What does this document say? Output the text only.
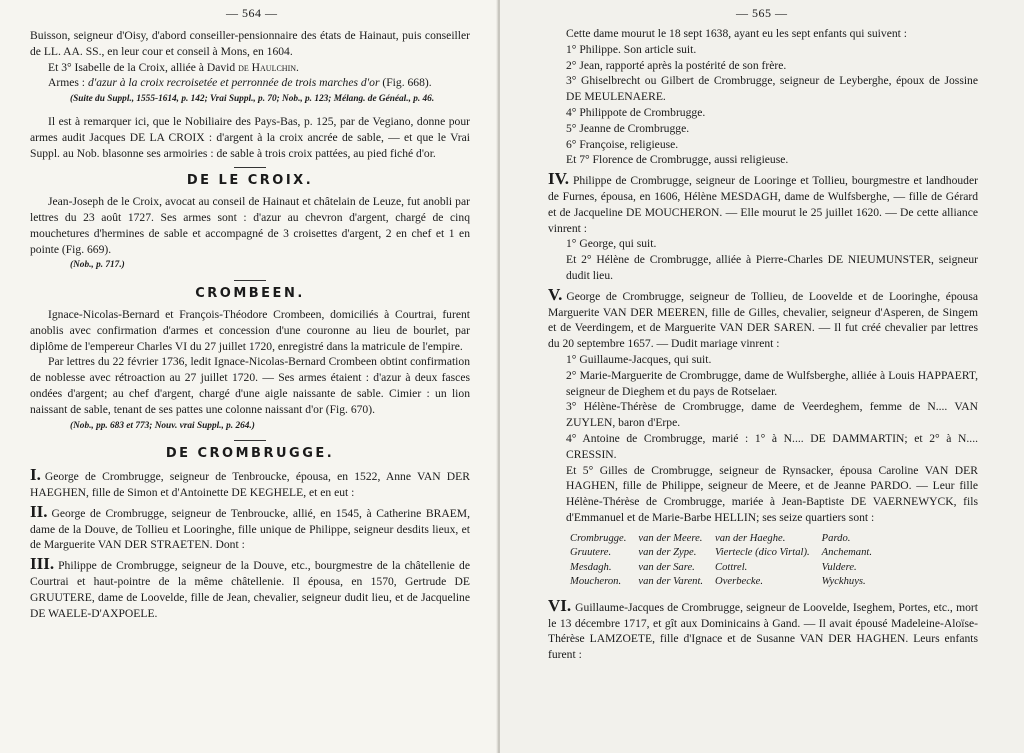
— 564 —

Buisson, seigneur d'Oisy, d'abord conseiller-pensionnaire des états de Hainaut, puis conseiller de LL. AA. SS., en leur cour et conseil à Mons, en 1604.

Et 3° Isabelle de la Croix, alliée à David de Haulchin.

Armes : d'azur à la croix recroisetée et perronnée de trois marches d'or (Fig. 668).

(Suite du Suppl., 1555-1614, p. 142; Vrai Suppl., p. 70; Nob., p. 123; Mélang. de Généal., p. 46.

Il est à remarquer ici, que le Nobiliaire des Pays-Bas, p. 125, par de Vegiano, donne pour armes audit Jacques DE LA CROIX : d'argent à la croix ancrée de sable, — et que le Vrai Suppl. au Nob. blasonne ses armoiries : de sable à trois croix pattées, au pied fiché d'or.

DE LE CROIX.

Jean-Joseph de le Croix, avocat au conseil de Hainaut et châtelain de Leuze, fut anobli par lettres du 23 août 1727. Ses armes sont : d'azur au chevron d'argent, chargé de cinq mouchetures d'hermines de sable et accompagné de 3 croisettes d'argent, 2 en chef et 1 en pointe (Fig. 669).

(Nob., p. 717.)

CROMBEEN.

Ignace-Nicolas-Bernard et François-Théodore Crombeen, domiciliés à Courtrai, furent anoblis avec confirmation d'armes et concession d'une couronne au lieu de bourlet, par diplôme de l'empereur Charles VI du 27 juillet 1720, enregistré dans la matricule de l'empire.

Par lettres du 22 février 1736, ledit Ignace-Nicolas-Bernard Crombeen obtint confirmation de noblesse avec rétroaction au 27 juillet 1720. — Ses armes étaient : d'azur à deux fasces ondées d'argent; au chef d'argent, chargé d'une aigle naissante de sable. Cimier : un lion naissant de sable, tenant de ses pattes une colonne naissant d'or (Fig. 670).

(Nob., pp. 683 et 773; Nouv. vrai Suppl., p. 264.)

DE CROMBRUGGE.

I. George de Crombrugge, seigneur de Tenbroucke, épousa, en 1522, Anne VAN DER HAEGHEN, fille de Simon et d'Antoinette DE KEGHELE, et en eut :

II. George de Crombrugge, seigneur de Tenbroucke, allié, en 1545, à Catherine BRAEM, dame de la Douve, de Tollieu et Looringhe, fille unique de Philippe, seigneur desdits lieux, et de Marguerite VAN DER STRAETEN. Dont :

III. Philippe de Crombrugge, seigneur de la Douve, etc., bourgmestre de la châtellenie de Courtrai et haut-pointre de la même châtellenie. Il épousa, en 1570, Gertrude DE GRUUTERE, dame de Loovelde, fille de Jean, chevalier, seigneur dudit lieu, et de Jacqueline DE WAELE-D'AXPOELE.

— 565 —

Cette dame mourut le 18 sept 1638, ayant eu les sept enfants qui suivent :

1° Philippe. Son article suit.

2° Jean, rapporté après la postérité de son frère.

3° Ghiselbrecht ou Gilbert de Crombrugge, seigneur de Leyberghe, époux de Jossine DE MEULENAERE.

4° Philippote de Crombrugge.

5° Jeanne de Crombrugge.

6° Françoise, religieuse.

Et 7° Florence de Crombrugge, aussi religieuse.

IV. Philippe de Crombrugge, seigneur de Looringe et Tollieu, bourgmestre et landhouder de Furnes, épousa, en 1606, Hélène MESDAGH, dame de Wulfsberghe, — fille de Gérard et de Jacqueline DE MOUCHERON. — Elle mourut le 25 juillet 1620. — De cette alliance vinrent :

1° George, qui suit.

Et 2° Hélène de Crombrugge, alliée à Pierre-Charles DE NIEUMUNSTER, seigneur dudit lieu.

V. George de Crombrugge, seigneur de Tollieu, de Loovelde et de Looringhe, épousa Marguerite VAN DER MEEREN, fille de Gilles, chevalier, seigneur d'Asperen, de Singem et de Veerdingem, et de Marguerite VAN DER SAREN. — Il fut créé chevalier par lettres du 20 septembre 1657. — Dudit mariage vinrent :

1° Guillaume-Jacques, qui suit.

2° Marie-Marguerite de Crombrugge, dame de Wulfsberghe, alliée à Louis HAPPAERT, seigneur de Dieghem et du pays de Rotselaer.

3° Hélène-Thérèse de Crombrugge, dame de Veerdeghem, femme de N.... VAN ZUYLEN, baron d'Erpe.

4° Antoine de Crombrugge, marié : 1° à N.... DE DAMMARTIN; et 2° à N.... CRESSIN.

Et 5° Gilles de Crombrugge, seigneur de Rynsacker, épousa Caroline VAN DER HAGHEN, fille de Philippe, seigneur de Meere, et de Jeanne PARDO. — Leur fille Hélène-Thérèse de Crombrugge, mariée à Jean-Baptiste DE VAERNEWYCK, fils d'Emmanuel et de Marie-Barbe HELLIN; ses seize quartiers sont :

Crombrugge.	van der Meere.	van der Haeghe.	Pardo.
Gruutere.	van der Zype.	Viertecle (dico Virtal).	Anchemant.
Mesdagh.	van der Sare.	Cottrel.	Vuldere.
Moucheron.	van der Varent.	Overbecke.	Wyckhuys.

VI. Guillaume-Jacques de Crombrugge, seigneur de Loovelde, Iseghem, Portes, etc., mort le 13 décembre 1717, et gît aux Dominicains à Gand. — Il avait épousé Madeleine-Aloïse-Thérèse LAMZOETE, fille d'Ignace et de Susanne VAN DER HAGHEN. Leurs enfants furent :
